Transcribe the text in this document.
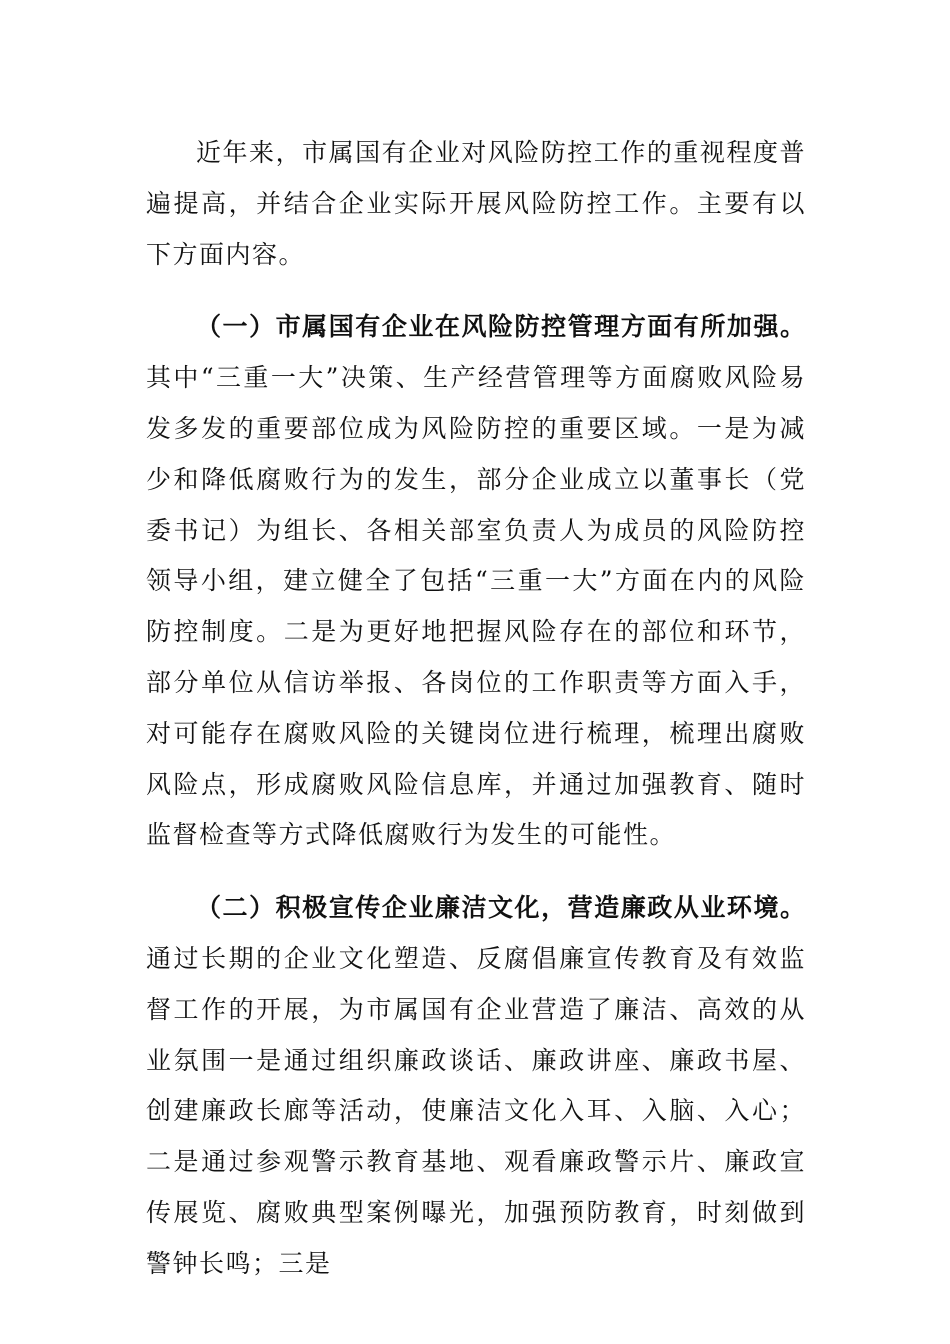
近年来，市属国有企业对风险防控工作的重视程度普遍提高，并结合企业实际开展风险防控工作。主要有以下方面内容。

（一）市属国有企业在风险防控管理方面有所加强。其中“三重一大”决策、生产经营管理等方面腐败风险易发多发的重要部位成为风险防控的重要区域。一是为减少和降低腐败行为的发生，部分企业成立以董事长（党委书记）为组长、各相关部室负责人为成员的风险防控领导小组，建立健全了包括“三重一大”方面在内的风险防控制度。二是为更好地把握风险存在的部位和环节，部分单位从信访举报、各岗位的工作职责等方面入手，对可能存在腐败风险的关键岗位进行梳理，梳理出腐败风险点，形成腐败风险信息库，并通过加强教育、随时监督检查等方式降低腐败行为发生的可能性。

（二）积极宣传企业廉洁文化，营造廉政从业环境。通过长期的企业文化塑造、反腐倡廉宣传教育及有效监督工作的开展，为市属国有企业营造了廉洁、高效的从业氛围一是通过组织廉政谈话、廉政讲座、廉政书屋、创建廉政长廊等活动，使廉洁文化入耳、入脑、入心；二是通过参观警示教育基地、观看廉政警示片、廉政宣传展览、腐败典型案例曝光，加强预防教育，时刻做到警钟长鸣；三是
